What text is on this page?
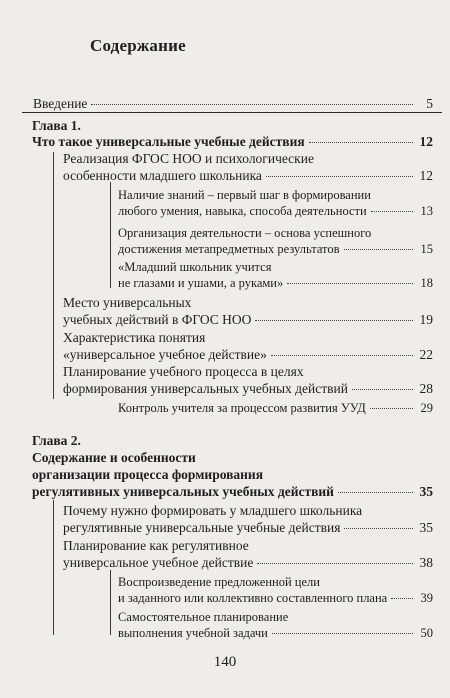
Содержание
Введение	5
Глава 1.
Что такое универсальные учебные действия	12
Реализация ФГОС НОО и психологические
особенности младшего школьника	12
Наличие знаний – первый шаг в формировании
любого умения, навыка, способа деятельности	13
Организация деятельности – основа успешного
достижения метапредметных результатов	15
«Младший школьник учится
не глазами и ушами, а руками»	18
Место универсальных
учебных действий в ФГОС НОО	19
Характеристика понятия
«универсальное учебное действие»	22
Планирование учебного процесса в целях
формирования универсальных учебных действий	28
Контроль учителя за процессом развития УУД	29
Глава 2.
Содержание и особенности
организации процесса формирования
регулятивных универсальных учебных действий	35
Почему нужно формировать у младшего школьника
регулятивные универсальные учебные действия	35
Планирование как регулятивное
универсальное учебное действие	38
Воспроизведение предложенной цели
и заданного или коллективно составленного плана	39
Самостоятельное планирование
выполнения учебной задачи	50
140
